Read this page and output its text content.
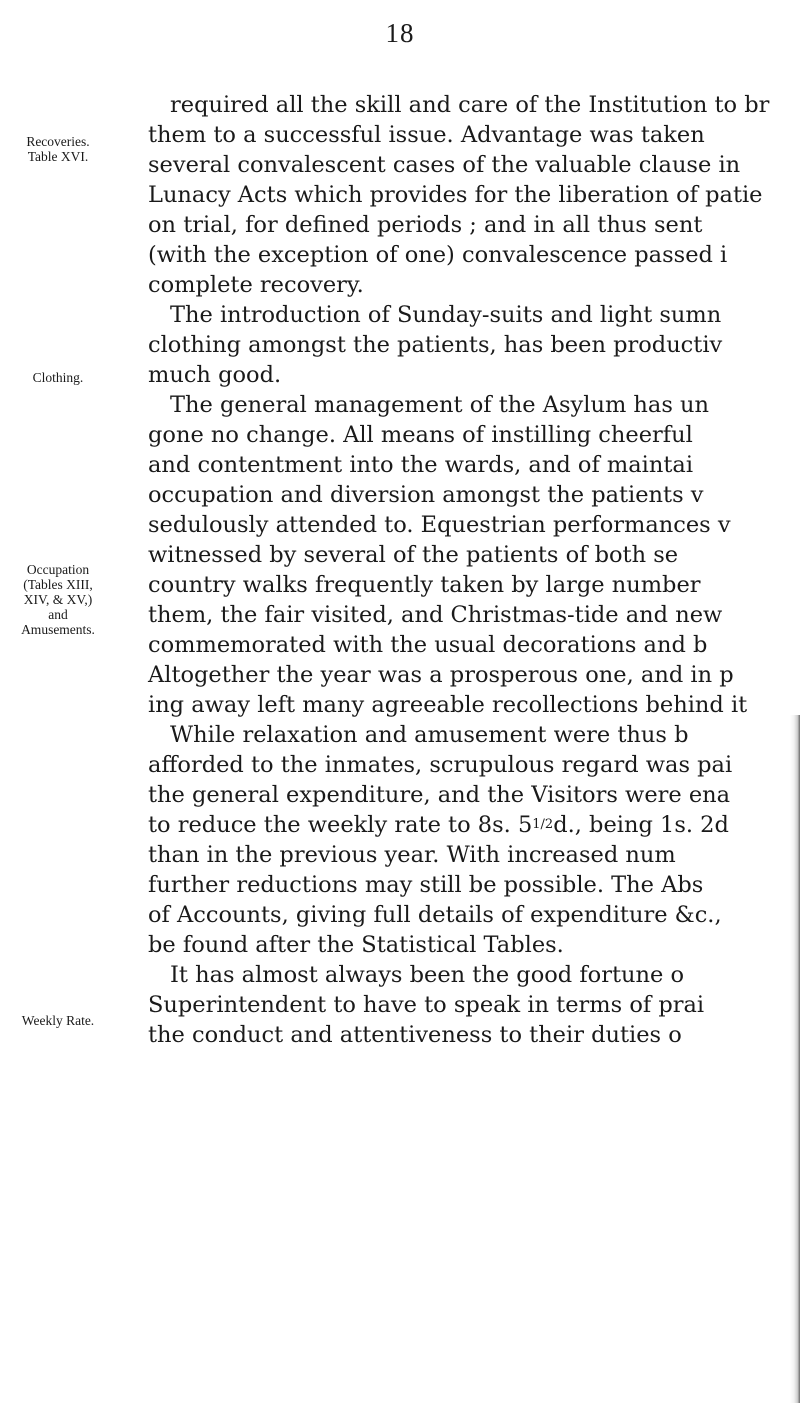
18
Recoveries.
Table XVI.
Clothing.
Occupation
(Tables XIII,
XIV, & XV,)
and
Amusements.
Weekly Rate.
required all the skill and care of the Institution to br
them to a successful issue. Advantage was taken
several convalescent cases of the valuable clause in
Lunacy Acts which provides for the liberation of patie
on trial, for defined periods ; and in all thus sent
(with the exception of one) convalescence passed i
complete recovery.
The introduction of Sunday-suits and light sumn
clothing amongst the patients, has been productiv
much good.
The general management of the Asylum has un
gone no change. All means of instilling cheerful
and contentment into the wards, and of maintai
occupation and diversion amongst the patients v
sedulously attended to. Equestrian performances v
witnessed by several of the patients of both se
country walks frequently taken by large number
them, the fair visited, and Christmas-tide and new
commemorated with the usual decorations and b
Altogether the year was a prosperous one, and in p
ing away left many agreeable recollections behind it
While relaxation and amusement were thus b
afforded to the inmates, scrupulous regard was pai
the general expenditure, and the Visitors were ena
to reduce the weekly rate to 8s. 51/2d., being 1s. 2d
than in the previous year. With increased num
further reductions may still be possible. The Abs
of Accounts, giving full details of expenditure &c.,
be found after the Statistical Tables.
It has almost always been the good fortune o
Superintendent to have to speak in terms of prai
the conduct and attentiveness to their duties o
